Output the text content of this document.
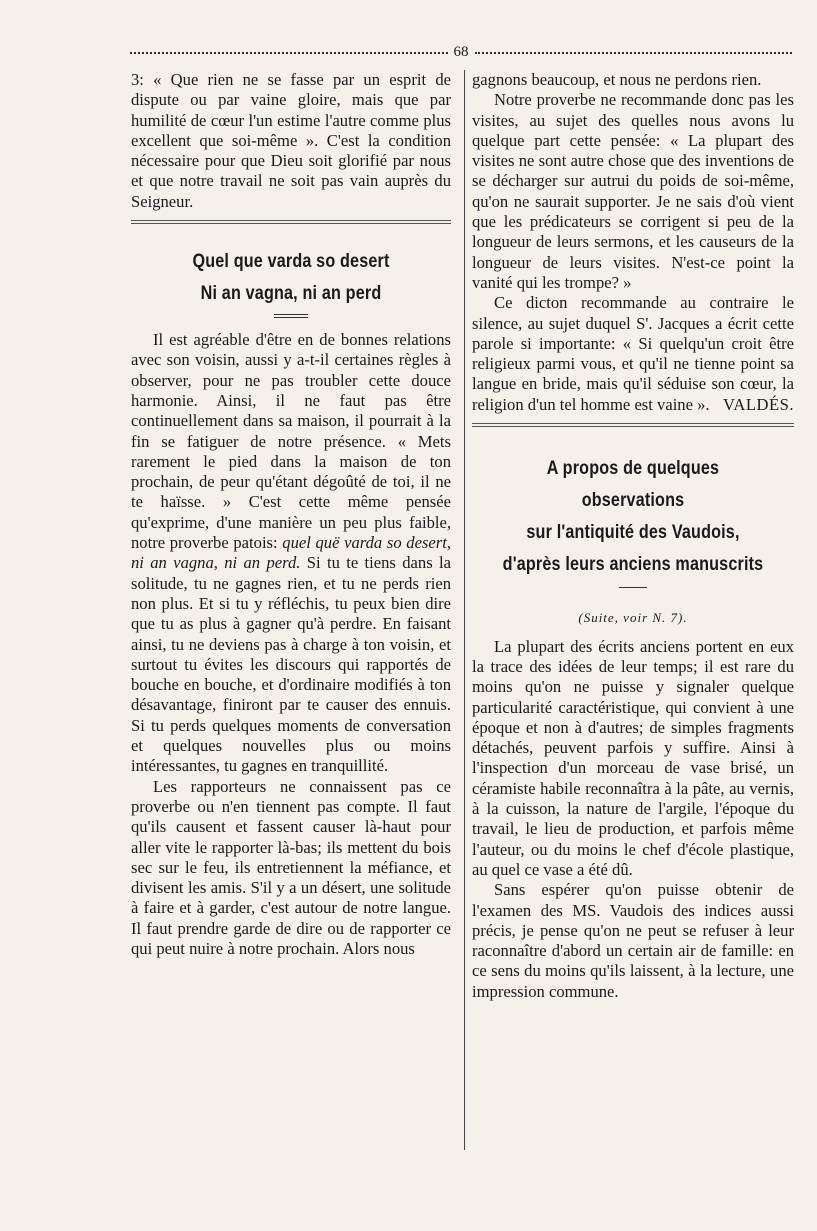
68

3: « Que rien ne se fasse par un esprit de dispute ou par vaine gloire, mais que par humilité de cœur l'un estime l'autre comme plus excellent que soi-même ». C'est la condition nécessaire pour que Dieu soit glorifié par nous et que notre travail ne soit pas vain auprès du Seigneur.

Quel que varda so desert
Ni an vagna, ni an perd

Il est agréable d'être en de bonnes relations avec son voisin, aussi y a-t-il certaines règles à observer, pour ne pas troubler cette douce harmonie. Ainsi, il ne faut pas être continuellement dans sa maison, il pourrait à la fin se fatiguer de notre présence. « Mets rarement le pied dans la maison de ton prochain, de peur qu'étant dégoûté de toi, il ne te haïsse. » C'est cette même pensée qu'exprime, d'une manière un peu plus faible, notre proverbe patois: quel quë varda so desert, ni an vagna, ni an perd. Si tu te tiens dans la solitude, tu ne gagnes rien, et tu ne perds rien non plus. Et si tu y réfléchis, tu peux bien dire que tu as plus à gagner qu'à perdre. En faisant ainsi, tu ne deviens pas à charge à ton voisin, et surtout tu évites les discours qui rapportés de bouche en bouche, et d'ordinaire modifiés à ton désavantage, finiront par te causer des ennuis. Si tu perds quelques moments de conversation et quelques nouvelles plus ou moins intéressantes, tu gagnes en tranquillité.

Les rapporteurs ne connaissent pas ce proverbe ou n'en tiennent pas compte. Il faut qu'ils causent et fassent causer là-haut pour aller vite le rapporter là-bas; ils mettent du bois sec sur le feu, ils entretiennent la méfiance, et divisent les amis. S'il y a un désert, une solitude à faire et à garder, c'est autour de notre langue. Il faut prendre garde de dire ou de rapporter ce qui peut nuire à notre prochain. Alors nous

gagnons beaucoup, et nous ne perdons rien.

Notre proverbe ne recommande donc pas les visites, au sujet des quelles nous avons lu quelque part cette pensée: « La plupart des visites ne sont autre chose que des inventions de se décharger sur autrui du poids de soi-même, qu'on ne saurait supporter. Je ne sais d'où vient que les prédicateurs se corrigent si peu de la longueur de leurs sermons, et les causeurs de la longueur de leurs visites. N'est-ce point la vanité qui les trompe? »

Ce dicton recommande au contraire le silence, au sujet duquel S'. Jacques a écrit cette parole si importante: « Si quelqu'un croit être religieux parmi vous, et qu'il ne tienne point sa langue en bride, mais qu'il séduise son cœur, la religion d'un tel homme est vaine ». VALDÉS.
A propos de quelques observations
sur l'antiquité des Vaudois,
d'après leurs anciens manuscrits
(Suite, voir N. 7).

La plupart des écrits anciens portent en eux la trace des idées de leur temps; il est rare du moins qu'on ne puisse y signaler quelque particularité caractéristique, qui convient à une époque et non à d'autres; de simples fragments détachés, peuvent parfois y suffire. Ainsi à l'inspection d'un morceau de vase brisé, un céramiste habile reconnaîtra à la pâte, au vernis, à la cuisson, la nature de l'argile, l'époque du travail, le lieu de production, et parfois même l'auteur, ou du moins le chef d'école plastique, au quel ce vase a été dû.

Sans espérer qu'on puisse obtenir de l'examen des MS. Vaudois des indices aussi précis, je pense qu'on ne peut se refuser à leur raconnaître d'abord un certain air de famille: en ce sens du moins qu'ils laissent, à la lecture, une impression commune.
